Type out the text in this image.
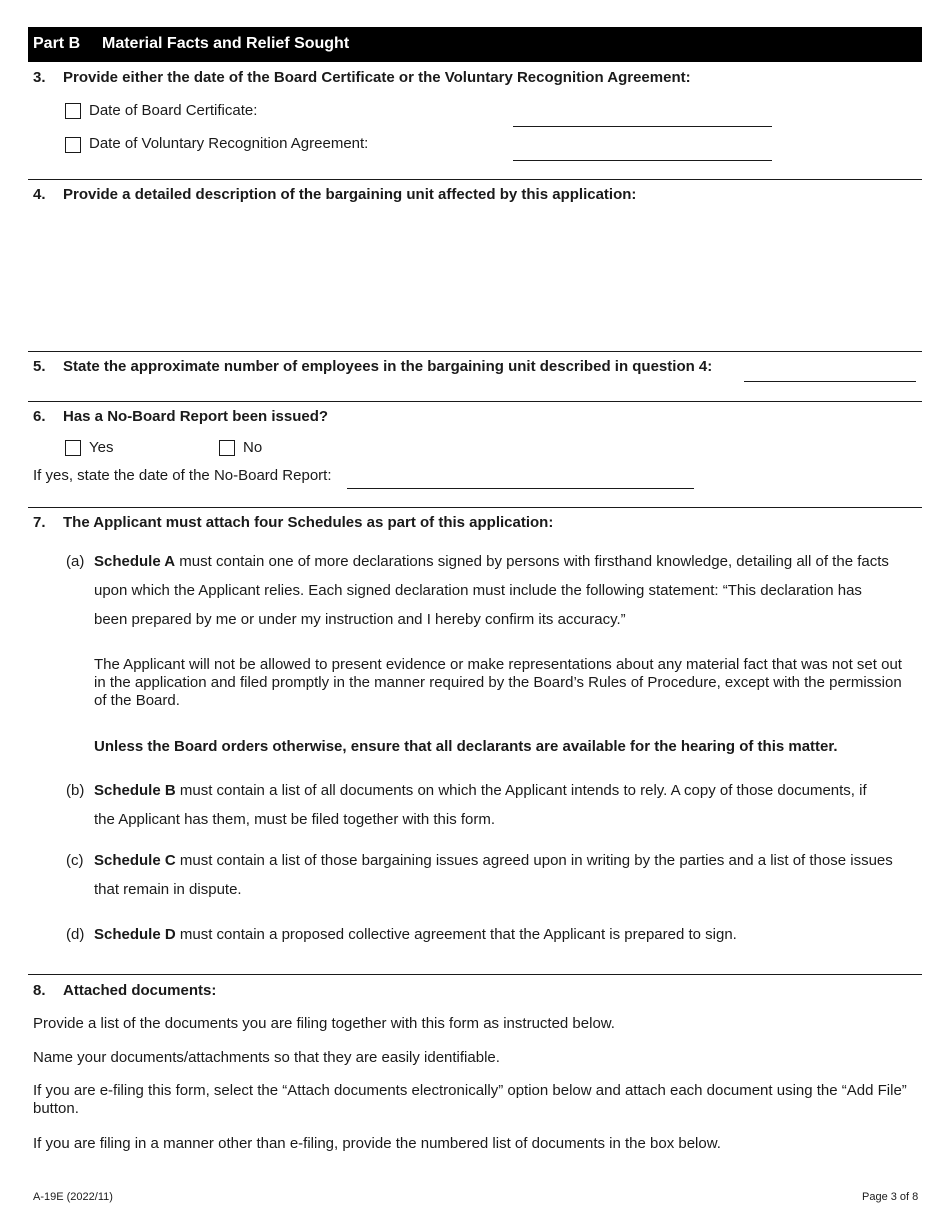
Part B Material Facts and Relief Sought
3. Provide either the date of the Board Certificate or the Voluntary Recognition Agreement:
Date of Board Certificate:
Date of Voluntary Recognition Agreement:
4. Provide a detailed description of the bargaining unit affected by this application:
5. State the approximate number of employees in the bargaining unit described in question 4:
6. Has a No-Board Report been issued?
Yes	No
If yes, state the date of the No-Board Report:
7. The Applicant must attach four Schedules as part of this application:
(a) Schedule A must contain one of more declarations signed by persons with firsthand knowledge, detailing all of the facts
upon which the Applicant relies. Each signed declaration must include the following statement: “This declaration has
been prepared by me or under my instruction and I hereby confirm its accuracy.”
The Applicant will not be allowed to present evidence or make representations about any material fact that was not set out in the application and filed promptly in the manner required by the Board’s Rules of Procedure, except with the permission of the Board.
Unless the Board orders otherwise, ensure that all declarants are available for the hearing of this matter.
(b) Schedule B must contain a list of all documents on which the Applicant intends to rely. A copy of those documents, if
the Applicant has them, must be filed together with this form.
(c) Schedule C must contain a list of those bargaining issues agreed upon in writing by the parties and a list of those issues
that remain in dispute.
(d) Schedule D must contain a proposed collective agreement that the Applicant is prepared to sign.
8. Attached documents:
Provide a list of the documents you are filing together with this form as instructed below.
Name your documents/attachments so that they are easily identifiable.
If you are e-filing this form, select the “Attach documents electronically” option below and attach each document using the “Add File” button.
If you are filing in a manner other than e-filing, provide the numbered list of documents in the box below.
A-19E (2022/11)	Page 3 of 8
